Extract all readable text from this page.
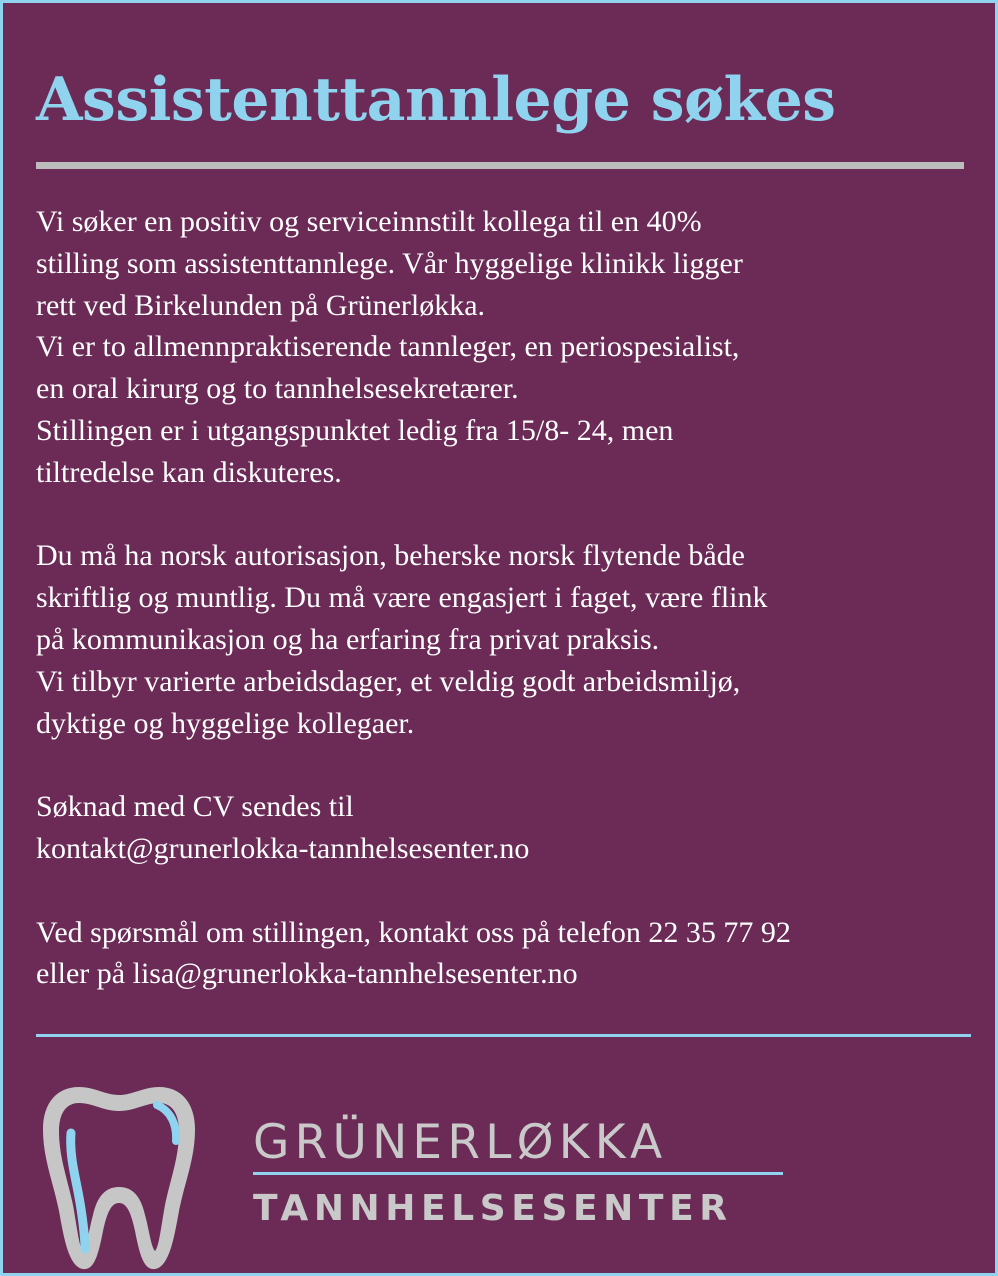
Assistenttannlege søkes

Vi søker en positiv og serviceinnstilt kollega til en 40%

stilling som assistenttannlege. Vår hyggelige klinikk ligger

rett ved Birkelunden på Grünerløkka.

Vi er to allmennpraktiserende tannleger, en periospesialist,

en oral kirurg og to tannhelsesekretærer.

Stillingen er i utgangspunktet ledig fra 15/8- 24, men

tiltredelse kan diskuteres.

Du må ha norsk autorisasjon, beherske norsk flytende både

skriftlig og muntlig. Du må være engasjert i faget, være flink

på kommunikasjon og ha erfaring fra privat praksis.

Vi tilbyr varierte arbeidsdager, et veldig godt arbeidsmiljø,

dyktige og hyggelige kollegaer.

Søknad med CV sendes til

kontakt@grunerlokka-tannhelsesenter.no

Ved spørsmål om stillingen, kontakt oss på telefon 22 35 77 92

eller på lisa@grunerlokka-tannhelsesenter.no

GRÜNERLØKKA
TANNHELSESENTER
